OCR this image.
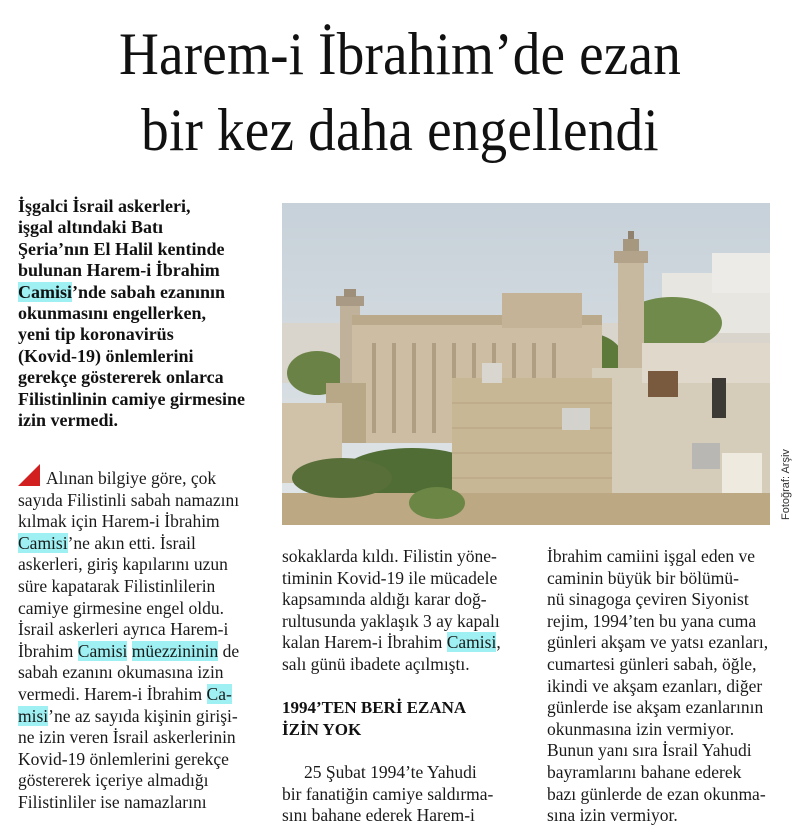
Harem-i İbrahim’de ezan
bir kez daha engellendi
İşgalci İsrail askerleri,
işgal altındaki Batı
Şeria’nın El Halil kentinde
bulunan Harem-i İbrahim
Camisi’nde sabah ezanının
okunmasını engellerken,
yeni tip koronavirüs
(Kovid-19) önlemlerini
gerekçe göstererek onlarca
Filistinlinin camiye girmesine
izin vermedi.
Fotoğraf: Arşiv
Alınan bilgiye göre, çok
sayıda Filistinli sabah namazını
kılmak için Harem-i İbrahim
Camisi’ne akın etti. İsrail
askerleri, giriş kapılarını uzun
süre kapatarak Filistinlilerin
camiye girmesine engel oldu.
İsrail askerleri ayrıca Harem-i
İbrahim Camisi müezzininin de
sabah ezanını okumasına izin
vermedi. Harem-i İbrahim Ca-
misi’ne az sayıda kişinin girişi-
ne izin veren İsrail askerlerinin
Kovid-19 önlemlerini gerekçe
göstererek içeriye almadığı
Filistinliler ise namazlarını
sokaklarda kıldı. Filistin yöne-
timinin Kovid-19 ile mücadele
kapsamında aldığı karar doğ-
rultusunda yaklaşık 3 ay kapalı
kalan Harem-i İbrahim Camisi,
salı günü ibadete açılmıştı.

1994’TEN BERİ EZANA
İZİN YOK

25 Şubat 1994’te Yahudi
bir fanatiğin camiye saldırma-
sını bahane ederek Harem-i
İbrahim camiini işgal eden ve
caminin büyük bir bölümü-
nü sinagoga çeviren Siyonist
rejim, 1994’ten bu yana cuma
günleri akşam ve yatsı ezanları,
cumartesi günleri sabah, öğle,
ikindi ve akşam ezanları, diğer
günlerde ise akşam ezanlarının
okunmasına izin vermiyor.
Bunun yanı sıra İsrail Yahudi
bayramlarını bahane ederek
bazı günlerde de ezan okunma-
sına izin vermiyor.
